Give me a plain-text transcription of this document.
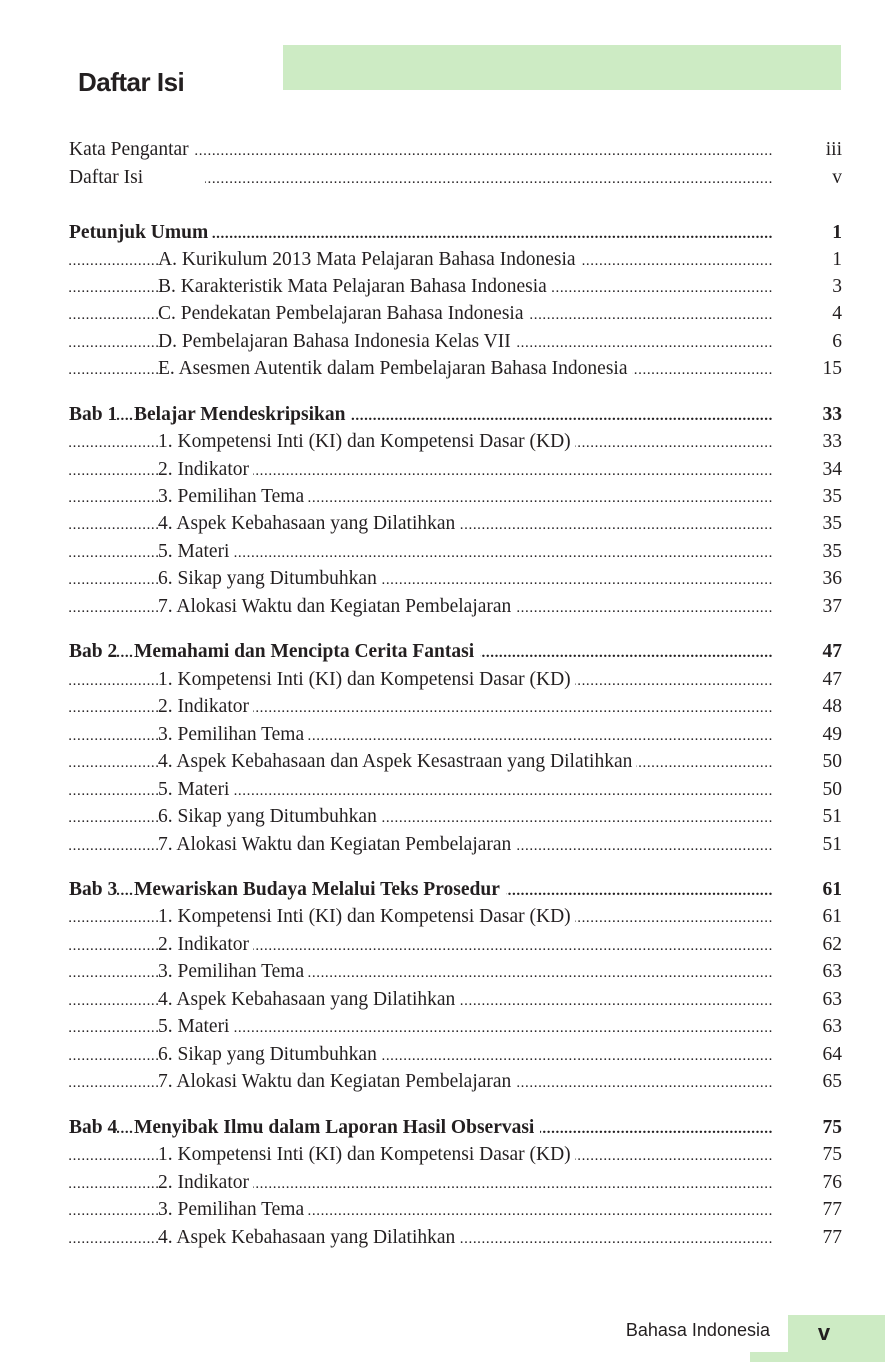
Daftar Isi
Kata Pengantar .....	iii
Daftar Isi .....	v
Petunjuk Umum .....	1
A. Kurikulum 2013 Mata Pelajaran Bahasa Indonesia .....	1
B. Karakteristik Mata Pelajaran Bahasa Indonesia .....	3
C. Pendekatan Pembelajaran Bahasa Indonesia .....	4
D. Pembelajaran Bahasa Indonesia Kelas VII .....	6
E. Asesmen Autentik dalam Pembelajaran Bahasa Indonesia .....	15
Bab 1 Belajar Mendeskripsikan .....	33
1. Kompetensi Inti (KI) dan Kompetensi Dasar (KD) .....	33
2. Indikator .....	34
3. Pemilihan Tema .....	35
4. Aspek Kebahasaan yang Dilatihkan .....	35
5. Materi .....	35
6. Sikap yang Ditumbuhkan .....	36
7. Alokasi Waktu dan Kegiatan Pembelajaran .....	37
Bab 2 Memahami dan Mencipta Cerita Fantasi .....	47
1. Kompetensi Inti (KI) dan Kompetensi Dasar (KD) .....	47
2. Indikator .....	48
3. Pemilihan Tema .....	49
4. Aspek Kebahasaan dan Aspek Kesastraan yang Dilatihkan .....	50
5. Materi .....	50
6. Sikap yang Ditumbuhkan .....	51
7. Alokasi Waktu dan Kegiatan Pembelajaran .....	51
Bab 3 Mewariskan Budaya Melalui Teks Prosedur .....	61
1. Kompetensi Inti (KI) dan Kompetensi Dasar (KD) .....	61
2. Indikator .....	62
3. Pemilihan Tema .....	63
4. Aspek Kebahasaan yang Dilatihkan .....	63
5. Materi .....	63
6. Sikap yang Ditumbuhkan .....	64
7. Alokasi Waktu dan Kegiatan Pembelajaran .....	65
Bab 4 Menyibak Ilmu dalam Laporan Hasil Observasi .....	75
1. Kompetensi Inti (KI) dan Kompetensi Dasar (KD) .....	75
2. Indikator .....	76
3. Pemilihan Tema .....	77
4. Aspek Kebahasaan yang Dilatihkan .....	77
Bahasa Indonesia	v
